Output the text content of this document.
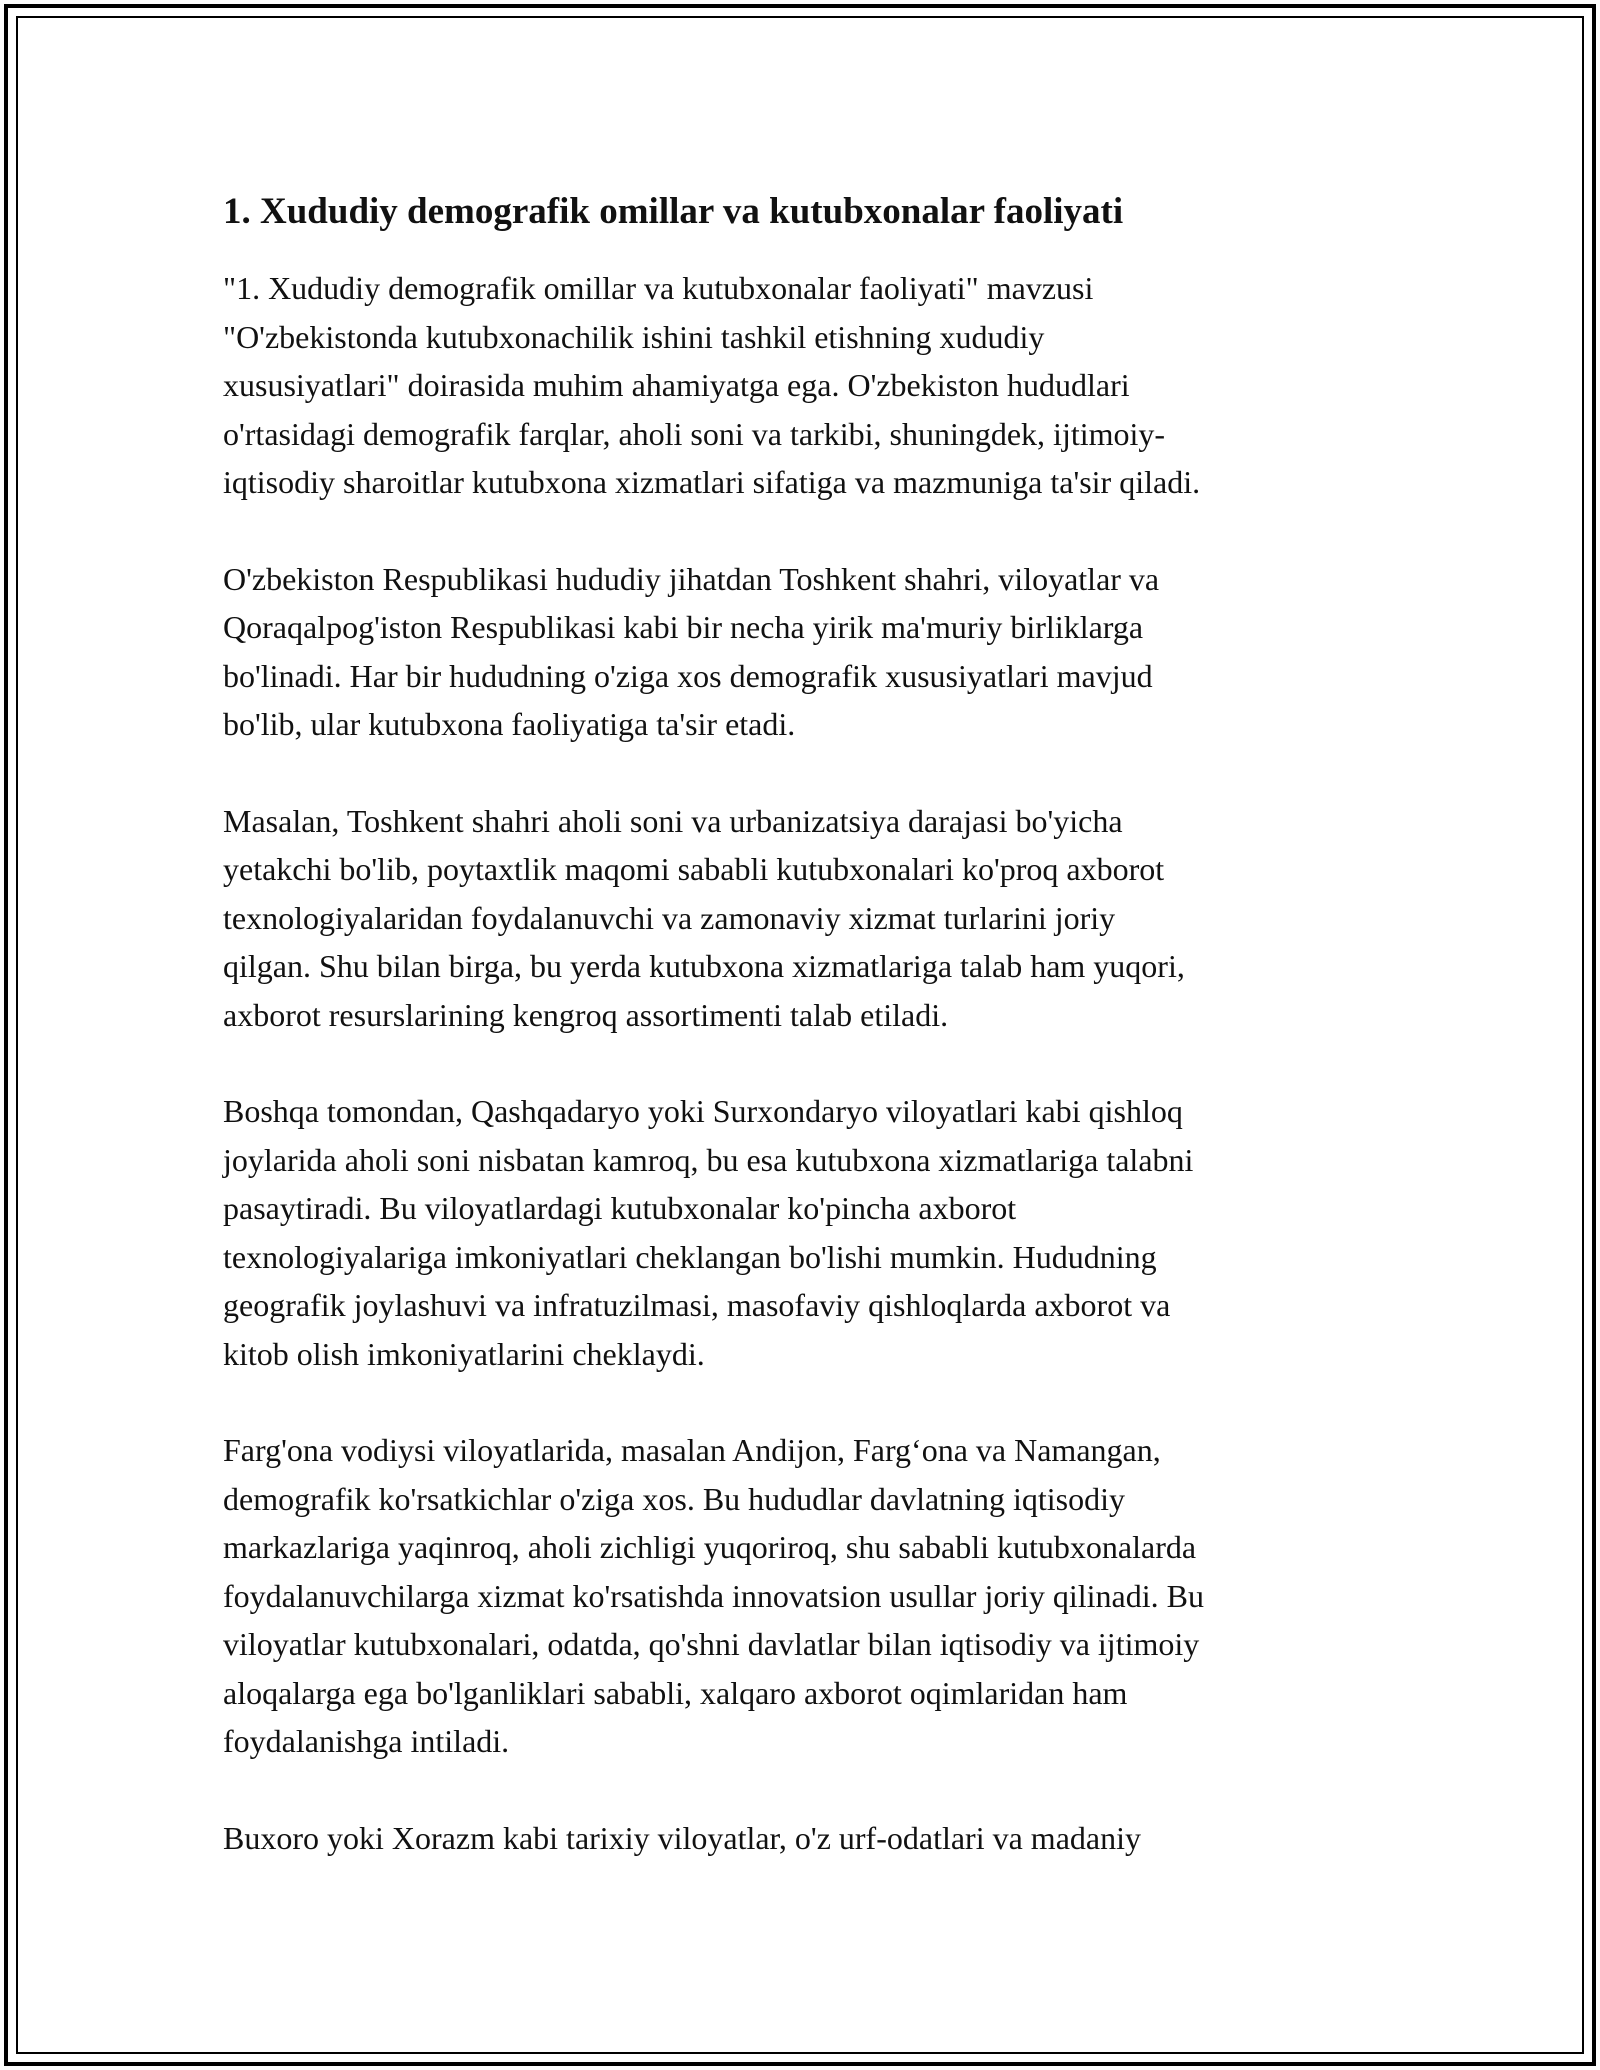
1. Xududiy demografik omillar va kutubxonalar faoliyati

"1. Xududiy demografik omillar va kutubxonalar faoliyati" mavzusi
"O'zbekistonda kutubxonachilik ishini tashkil etishning xududiy
xususiyatlari" doirasida muhim ahamiyatga ega. O'zbekiston hududlari
o'rtasidagi demografik farqlar, aholi soni va tarkibi, shuningdek, ijtimoiy-
iqtisodiy sharoitlar kutubxona xizmatlari sifatiga va mazmuniga ta'sir qiladi.

O'zbekiston Respublikasi hududiy jihatdan Toshkent shahri, viloyatlar va
Qoraqalpog'iston Respublikasi kabi bir necha yirik ma'muriy birliklarga
bo'linadi. Har bir hududning o'ziga xos demografik xususiyatlari mavjud
bo'lib, ular kutubxona faoliyatiga ta'sir etadi.

Masalan, Toshkent shahri aholi soni va urbanizatsiya darajasi bo'yicha
yetakchi bo'lib, poytaxtlik maqomi sababli kutubxonalari ko'proq axborot
texnologiyalaridan foydalanuvchi va zamonaviy xizmat turlarini joriy
qilgan. Shu bilan birga, bu yerda kutubxona xizmatlariga talab ham yuqori,
axborot resurslarining kengroq assortimenti talab etiladi.

Boshqa tomondan, Qashqadaryo yoki Surxondaryo viloyatlari kabi qishloq
joylarida aholi soni nisbatan kamroq, bu esa kutubxona xizmatlariga talabni
pasaytiradi. Bu viloyatlardagi kutubxonalar ko'pincha axborot
texnologiyalariga imkoniyatlari cheklangan bo'lishi mumkin. Hududning
geografik joylashuvi va infratuzilmasi, masofaviy qishloqlarda axborot va
kitob olish imkoniyatlarini cheklaydi.

Farg'ona vodiysi viloyatlarida, masalan Andijon, Farg‘ona va Namangan,
demografik ko'rsatkichlar o'ziga xos. Bu hududlar davlatning iqtisodiy
markazlariga yaqinroq, aholi zichligi yuqoriroq, shu sababli kutubxonalarda
foydalanuvchilarga xizmat ko'rsatishda innovatsion usullar joriy qilinadi. Bu
viloyatlar kutubxonalari, odatda, qo'shni davlatlar bilan iqtisodiy va ijtimoiy
aloqalarga ega bo'lganliklari sababli, xalqaro axborot oqimlaridan ham
foydalanishga intiladi.

Buxoro yoki Xorazm kabi tarixiy viloyatlar, o'z urf-odatlari va madaniy
